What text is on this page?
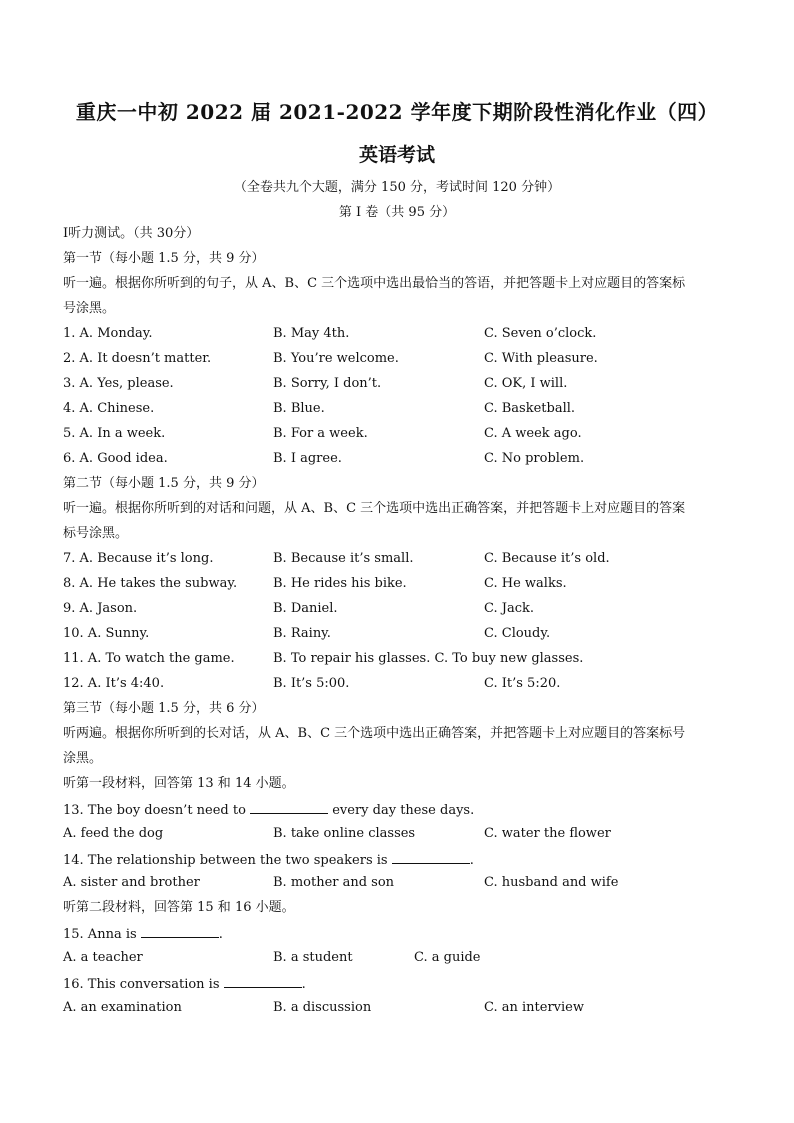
重庆一中初 2022 届 2021-2022 学年度下期阶段性消化作业（四）
英语考试
（全卷共九个大题，满分 150 分，考试时间 120 分钟）
第 I 卷（共 95 分）
I听力测试。（共 30分）
第一节（每小题 1.5 分，共 9 分）
听一遍。根据你所听到的句子，从 A、B、C 三个选项中选出最恰当的答语，并把答题卡上对应题目的答案标
号涂黑。
1. A. Monday.	B. May 4th.	C. Seven o’clock.
2. A. It doesn’t matter.	B. You’re welcome.	C. With pleasure.
3. A. Yes, please.	B. Sorry, I don’t.	C. OK, I will.
4. A. Chinese.	B. Blue.	C. Basketball.
5. A. In a week.	B. For a week.	C. A week ago.
6. A. Good idea.	B. I agree.	C. No problem.
第二节（每小题 1.5 分，共 9 分）
听一遍。根据你所听到的对话和问题，从 A、B、C 三个选项中选出正确答案，并把答题卡上对应题目的答案
标号涂黑。
7. A. Because it’s long.	B. Because it’s small.	C. Because it’s old.
8. A. He takes the subway.	B. He rides his bike.	C. He walks.
9. A. Jason.	B. Daniel.	C. Jack.
10. A. Sunny.	B. Rainy.	C. Cloudy.
11. A. To watch the game.	B. To repair his glasses. C. To buy new glasses.
12. A. It’s 4:40.	B. It’s 5:00.	C. It’s 5:20.
第三节（每小题 1.5 分，共 6 分）
听两遍。根据你所听到的长对话，从 A、B、C 三个选项中选出正确答案，并把答题卡上对应题目的答案标号
涂黑。
听第一段材料，回答第 13 和 14 小题。
13. The boy doesn’t need to	every day these days.
A. feed the dog	B. take online classes	C. water the flower
14. The relationship between the two speakers is	.
A. sister and brother	B. mother and son	C. husband and wife
听第二段材料，回答第 15 和 16 小题。
15. Anna is	.
A. a teacher	B. a student	C. a guide
16. This conversation is	.
A. an examination	B. a discussion	C. an interview
